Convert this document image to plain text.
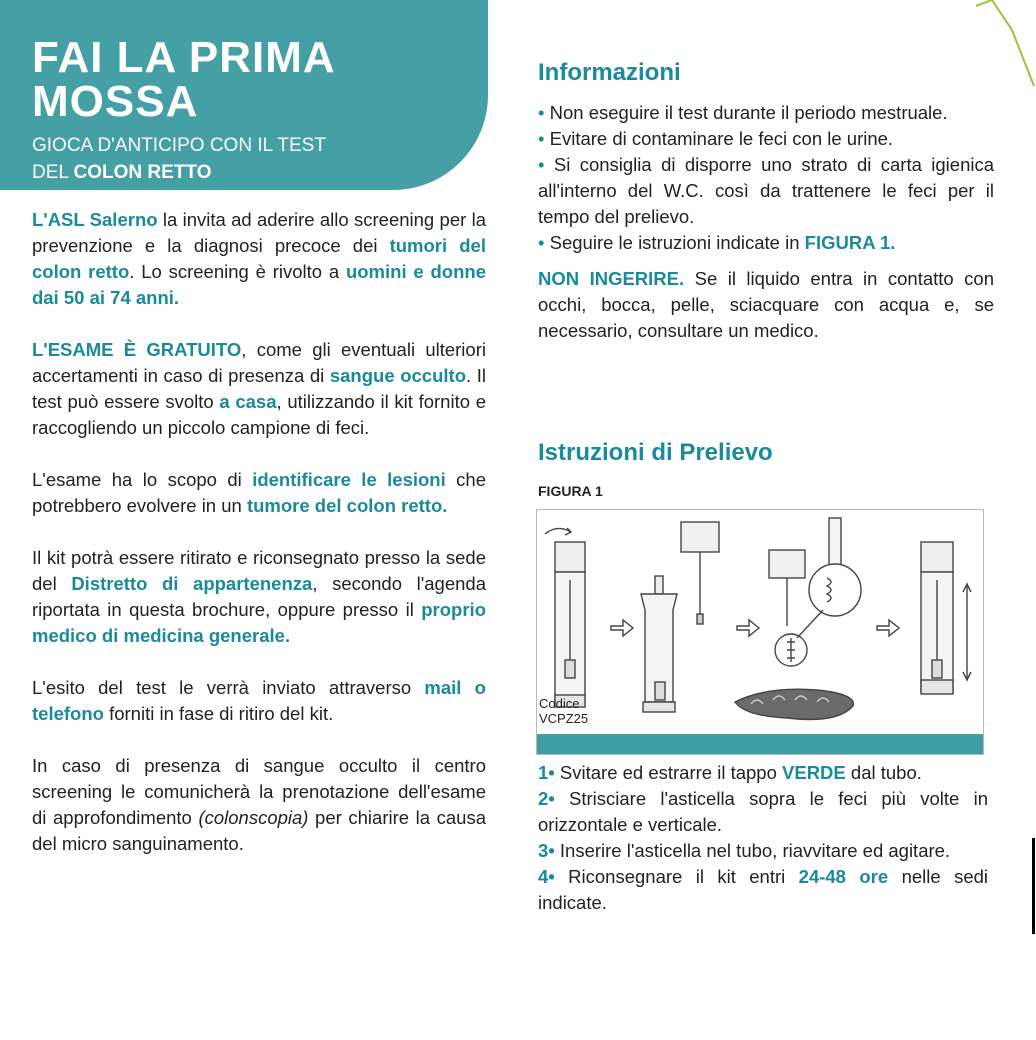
FAI LA PRIMA MOSSA
GIOCA D'ANTICIPO CON IL TEST
DEL COLON RETTO

L'ASL Salerno la invita ad aderire allo screening per la prevenzione e la diagnosi precoce dei tumori del colon retto. Lo screening è rivolto a uomini e donne dai 50 ai 74 anni.

L'ESAME È GRATUITO, come gli eventuali ulteriori accertamenti in caso di presenza di sangue occulto. Il test può essere svolto a casa, utilizzando il kit fornito e raccogliendo un piccolo campione di feci.

L'esame ha lo scopo di identificare le lesioni che potrebbero evolvere in un tumore del colon retto.

Il kit potrà essere ritirato e riconsegnato presso la sede del Distretto di appartenenza, secondo l'agenda riportata in questa brochure, oppure presso il proprio medico di medicina generale.

L'esito del test le verrà inviato attraverso mail o telefono forniti in fase di ritiro del kit.

In caso di presenza di sangue occulto il centro screening le comunicherà la prenotazione dell'esame di approfondimento (colonscopia) per chiarire la causa del micro sanguinamento.

Informazioni
• Non eseguire il test durante il periodo mestruale.
• Evitare di contaminare le feci con le urine.
• Si consiglia di disporre uno strato di carta igienica all'interno del W.C. così da trattenere le feci per il tempo del prelievo.
• Seguire le istruzioni indicate in FIGURA 1.

NON INGERIRE. Se il liquido entra in contatto con occhi, bocca, pelle, sciacquare con acqua e, se necessario, consultare un medico.

Istruzioni di Prelievo
FIGURA 1
Codice
VCPZ25
1• Svitare ed estrarre il tappo VERDE dal tubo.
2• Strisciare l'asticella sopra le feci più volte in orizzontale e verticale.
3• Inserire l'asticella nel tubo, riavvitare ed agitare.
4• Riconsegnare il kit entri 24-48 ore nelle sedi indicate.
